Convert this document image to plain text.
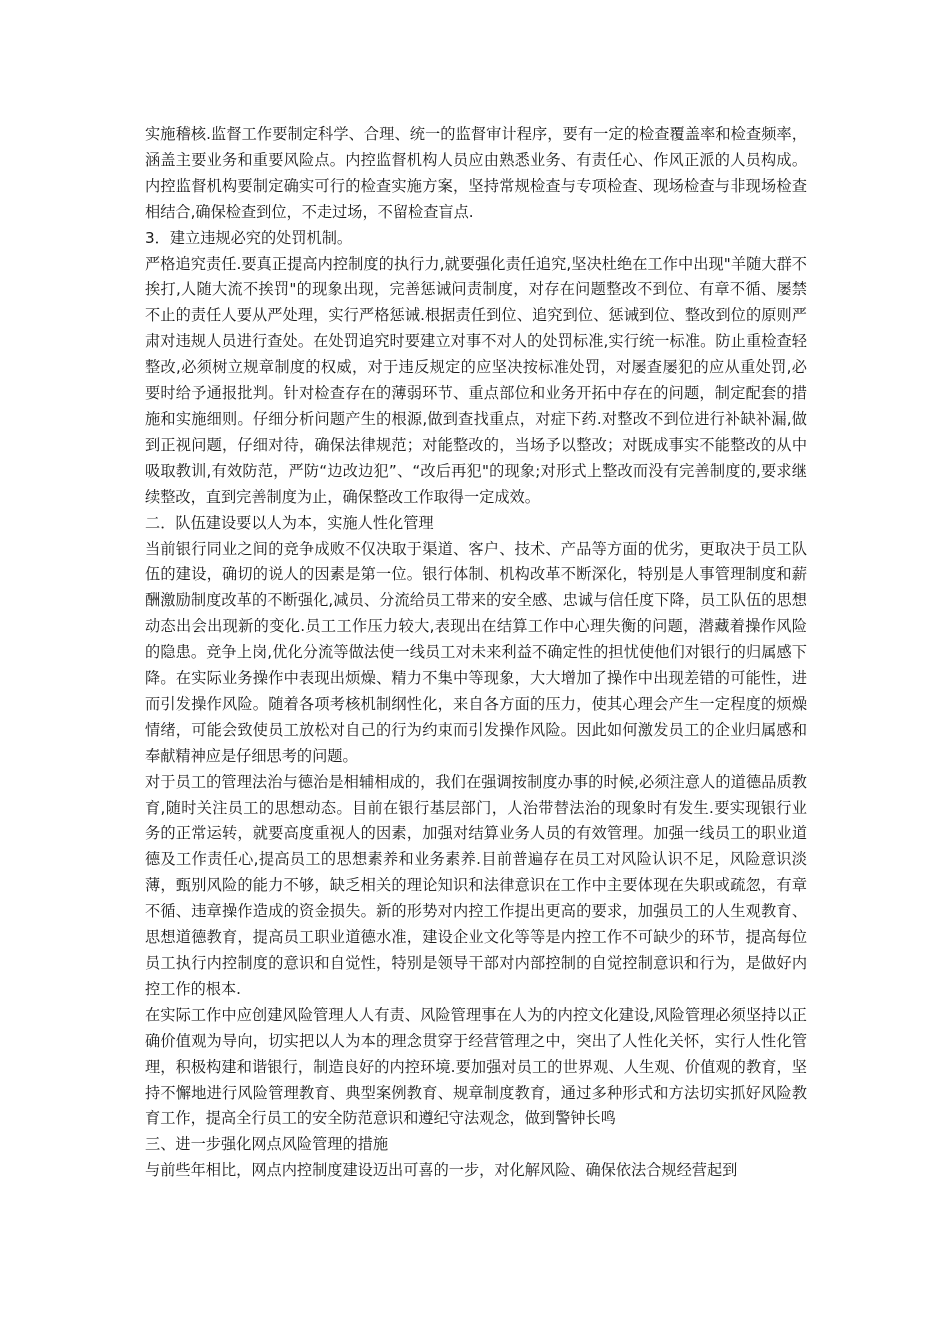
实施稽核.监督工作要制定科学、合理、统一的监督审计程序，要有一定的检查覆盖率和检查频率，涵盖主要业务和重要风险点。内控监督机构人员应由熟悉业务、有责任心、作风正派的人员构成。内控监督机构要制定确实可行的检查实施方案，坚持常规检查与专项检查、现场检查与非现场检查相结合,确保检查到位，不走过场，不留检查盲点.

3．建立违规必究的处罚机制。

严格追究责任.要真正提高内控制度的执行力,就要强化责任追究,坚决杜绝在工作中出现"羊随大群不挨打,人随大流不挨罚"的现象出现，完善惩诫问责制度，对存在问题整改不到位、有章不循、屡禁不止的责任人要从严处理，实行严格惩诫.根据责任到位、追究到位、惩诫到位、整改到位的原则严肃对违规人员进行查处。在处罚追究时要建立对事不对人的处罚标准,实行统一标准。防止重检查轻整改,必须树立规章制度的权威，对于违反规定的应坚决按标准处罚，对屡查屡犯的应从重处罚,必要时给予通报批判。针对检查存在的薄弱环节、重点部位和业务开拓中存在的问题，制定配套的措施和实施细则。仔细分析问题产生的根源,做到查找重点，对症下药.对整改不到位进行补缺补漏,做到正视问题，仔细对待，确保法律规范；对能整改的，当场予以整改；对既成事实不能整改的从中吸取教训,有效防范，严防“边改边犯”、“改后再犯"的现象;对形式上整改而没有完善制度的,要求继续整改，直到完善制度为止，确保整改工作取得一定成效。

二．队伍建设要以人为本，实施人性化管理

当前银行同业之间的竞争成败不仅决取于渠道、客户、技术、产品等方面的优劣，更取决于员工队伍的建设，确切的说人的因素是第一位。银行体制、机构改革不断深化，特别是人事管理制度和薪酬激励制度改革的不断强化,减员、分流给员工带来的安全感、忠诚与信任度下降，员工队伍的思想动态出会出现新的变化.员工工作压力较大,表现出在结算工作中心理失衡的问题，潜藏着操作风险的隐患。竞争上岗,优化分流等做法使一线员工对未来利益不确定性的担忧使他们对银行的归属感下降。在实际业务操作中表现出烦燥、精力不集中等现象，大大增加了操作中出现差错的可能性，进而引发操作风险。随着各项考核机制纲性化，来自各方面的压力，使其心理会产生一定程度的烦燥情绪，可能会致使员工放松对自己的行为约束而引发操作风险。因此如何激发员工的企业归属感和奉献精神应是仔细思考的问题。

对于员工的管理法治与德治是相辅相成的，我们在强调按制度办事的时候,必须注意人的道德品质教育,随时关注员工的思想动态。目前在银行基层部门，人治带替法治的现象时有发生.要实现银行业务的正常运转，就要高度重视人的因素，加强对结算业务人员的有效管理。加强一线员工的职业道德及工作责任心,提高员工的思想素养和业务素养.目前普遍存在员工对风险认识不足，风险意识淡薄，甄别风险的能力不够，缺乏相关的理论知识和法律意识在工作中主要体现在失职或疏忽，有章不循、违章操作造成的资金损失。新的形势对内控工作提出更高的要求，加强员工的人生观教育、思想道德教育，提高员工职业道德水准，建设企业文化等等是内控工作不可缺少的环节，提高每位员工执行内控制度的意识和自觉性，特别是领导干部对内部控制的自觉控制意识和行为，是做好内控工作的根本.

在实际工作中应创建风险管理人人有责、风险管理事在人为的内控文化建设,风险管理必须坚持以正确价值观为导向，切实把以人为本的理念贯穿于经营管理之中，突出了人性化关怀，实行人性化管理，积极构建和谐银行，制造良好的内控环境.要加强对员工的世界观、人生观、价值观的教育，坚持不懈地进行风险管理教育、典型案例教育、规章制度教育，通过多种形式和方法切实抓好风险教育工作，提高全行员工的安全防范意识和遵纪守法观念，做到警钟长鸣

三、进一步强化网点风险管理的措施

与前些年相比，网点内控制度建设迈出可喜的一步，对化解风险、确保依法合规经营起到
